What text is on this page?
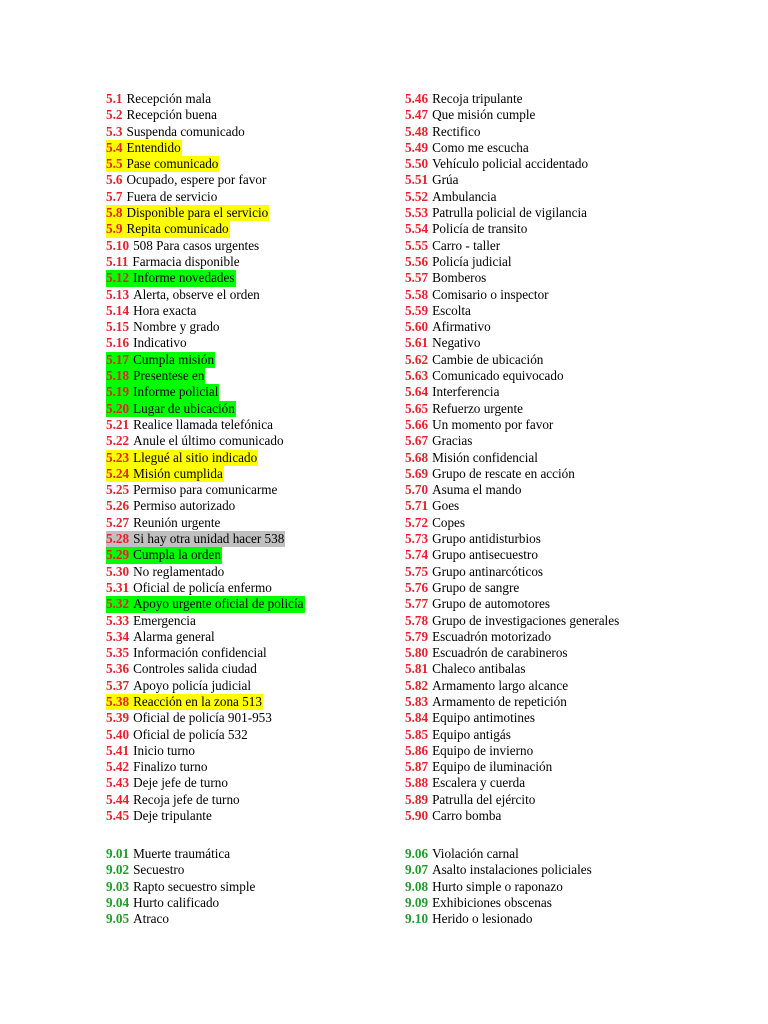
5.1 Recepción mala
5.2 Recepción buena
5.3 Suspenda comunicado
5.4 Entendido
5.5 Pase comunicado
5.6 Ocupado, espere por favor
5.7 Fuera de servicio
5.8 Disponible para el servicio
5.9 Repita comunicado
5.10 508 Para casos urgentes
5.11 Farmacia disponible
5.12 Informe novedades
5.13 Alerta, observe el orden
5.14 Hora exacta
5.15 Nombre y grado
5.16 Indicativo
5.17 Cumpla misión
5.18 Presentese en
5.19 Informe policial
5.20 Lugar de ubicación
5.21 Realice llamada telefónica
5.22 Anule el último comunicado
5.23 Llegué al sitio indicado
5.24 Misión cumplida
5.25 Permiso para comunicarme
5.26 Permiso autorizado
5.27 Reunión urgente
5.28 Si hay otra unidad hacer 538
5.29 Cumpla la orden
5.30 No reglamentado
5.31 Oficial de policía enfermo
5.32 Apoyo urgente oficial de policía
5.33 Emergencia
5.34 Alarma general
5.35 Información confidencial
5.36 Controles salida ciudad
5.37 Apoyo policía judicial
5.38 Reacción en la zona 513
5.39 Oficial de policía 901-953
5.40 Oficial de policía 532
5.41 Inicio turno
5.42 Finalizo turno
5.43 Deje jefe de turno
5.44 Recoja jefe de turno
5.45 Deje tripulante
5.46 Recoja tripulante
5.47 Que misión cumple
5.48 Rectifico
5.49 Como me escucha
5.50 Vehículo policial accidentado
5.51 Grúa
5.52 Ambulancia
5.53 Patrulla policial de vigilancia
5.54 Policía de transito
5.55 Carro - taller
5.56 Policía judicial
5.57 Bomberos
5.58 Comisario o inspector
5.59 Escolta
5.60 Afirmativo
5.61 Negativo
5.62 Cambie de ubicación
5.63 Comunicado equivocado
5.64 Interferencia
5.65 Refuerzo urgente
5.66 Un momento por favor
5.67 Gracias
5.68 Misión confidencial
5.69 Grupo de rescate en acción
5.70 Asuma el mando
5.71 Goes
5.72 Copes
5.73 Grupo antidisturbios
5.74 Grupo antisecuestro
5.75 Grupo antinarcóticos
5.76 Grupo de sangre
5.77 Grupo de automotores
5.78 Grupo de investigaciones generales
5.79 Escuadrón motorizado
5.80 Escuadrón de carabineros
5.81 Chaleco antibalas
5.82 Armamento largo alcance
5.83 Armamento de repetición
5.84 Equipo antimotines
5.85 Equipo antigás
5.86 Equipo de invierno
5.87 Equipo de iluminación
5.88 Escalera y cuerda
5.89 Patrulla del ejército
5.90 Carro bomba
9.01 Muerte traumática
9.02 Secuestro
9.03 Rapto secuestro simple
9.04 Hurto calificado
9.05 Atraco
9.06 Violación carnal
9.07 Asalto instalaciones policiales
9.08 Hurto simple o raponazo
9.09 Exhibiciones obscenas
9.10 Herido o lesionado
